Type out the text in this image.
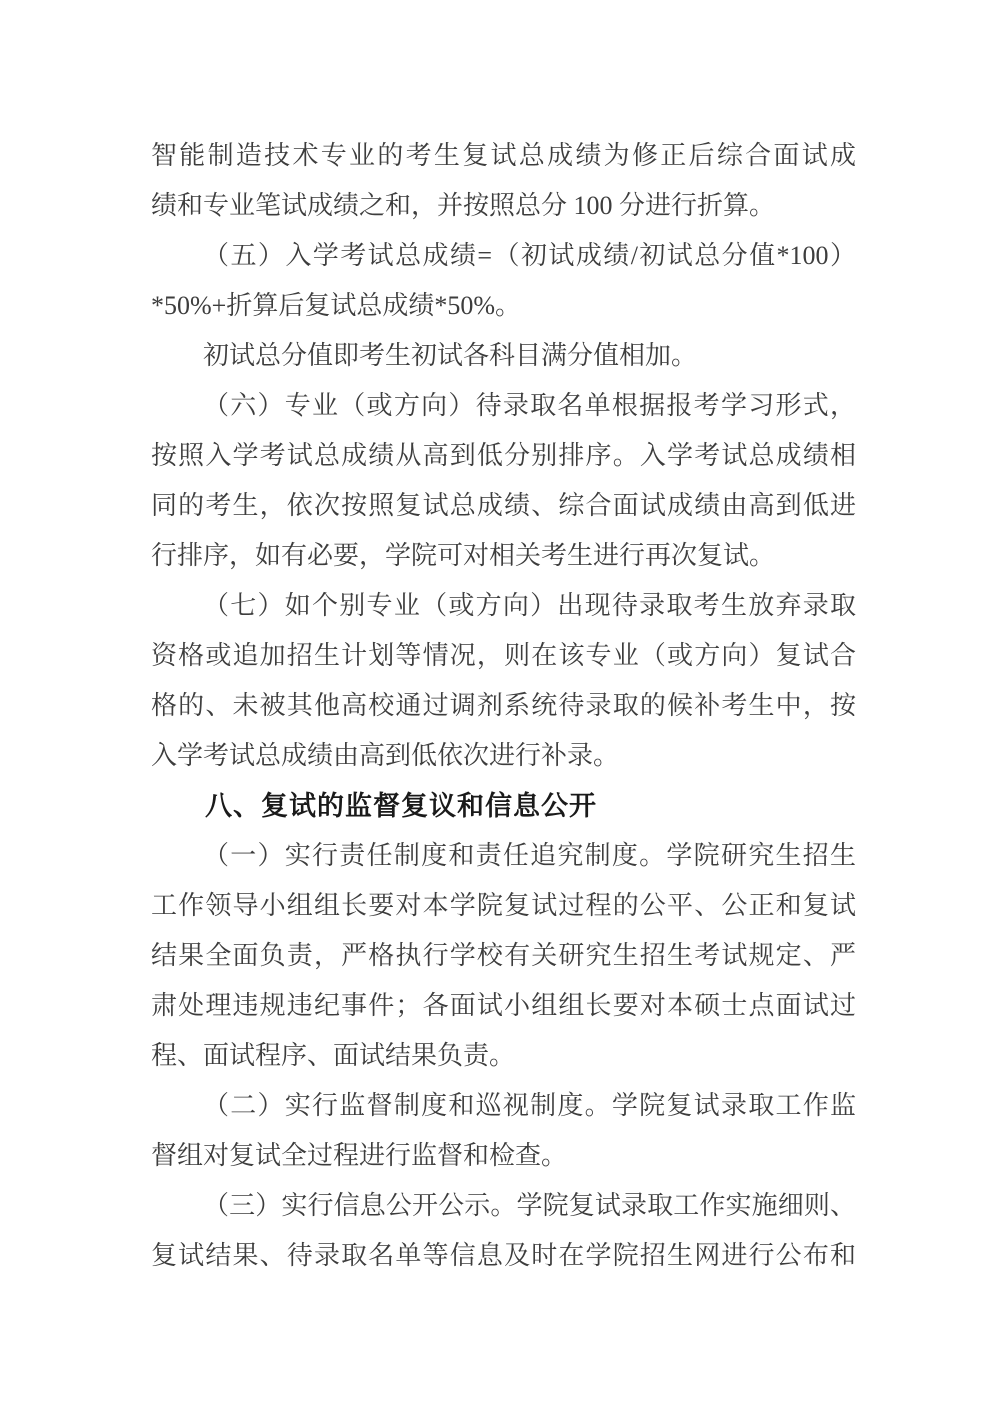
智能制造技术专业的考生复试总成绩为修正后综合面试成
绩和专业笔试成绩之和，并按照总分 100 分进行折算。

（五）入学考试总成绩=（初试成绩/初试总分值*100）
*50%+折算后复试总成绩*50%。

初试总分值即考生初试各科目满分值相加。

（六）专业（或方向）待录取名单根据报考学习形式，
按照入学考试总成绩从高到低分别排序。入学考试总成绩相
同的考生，依次按照复试总成绩、综合面试成绩由高到低进
行排序，如有必要，学院可对相关考生进行再次复试。

（七）如个别专业（或方向）出现待录取考生放弃录取
资格或追加招生计划等情况，则在该专业（或方向）复试合
格的、未被其他高校通过调剂系统待录取的候补考生中，按
入学考试总成绩由高到低依次进行补录。

八、复试的监督复议和信息公开

（一）实行责任制度和责任追究制度。学院研究生招生
工作领导小组组长要对本学院复试过程的公平、公正和复试
结果全面负责，严格执行学校有关研究生招生考试规定、严
肃处理违规违纪事件；各面试小组组长要对本硕士点面试过
程、面试程序、面试结果负责。

（二）实行监督制度和巡视制度。学院复试录取工作监
督组对复试全过程进行监督和检查。

（三）实行信息公开公示。学院复试录取工作实施细则、
复试结果、待录取名单等信息及时在学院招生网进行公布和
